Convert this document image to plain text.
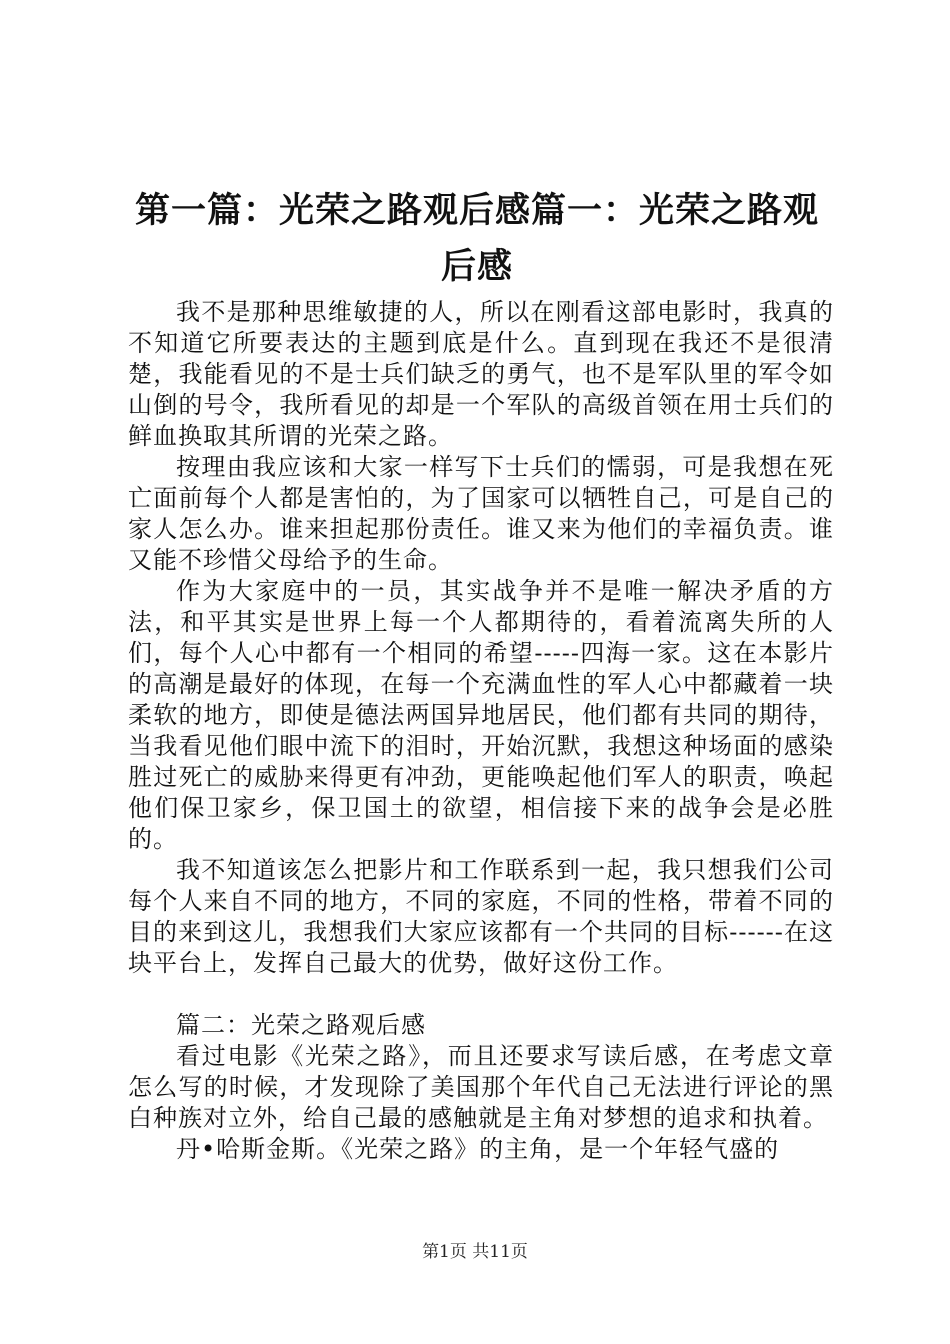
第一篇：光荣之路观后感篇一：光荣之路观后感

我不是那种思维敏捷的人，所以在刚看这部电影时，我真的不知道它所要表达的主题到底是什么。直到现在我还不是很清楚，我能看见的不是士兵们缺乏的勇气，也不是军队里的军令如山倒的号令，我所看见的却是一个军队的高级首领在用士兵们的鲜血换取其所谓的光荣之路。

按理由我应该和大家一样写下士兵们的懦弱，可是我想在死亡面前每个人都是害怕的，为了国家可以牺牲自己，可是自己的家人怎么办。谁来担起那份责任。谁又来为他们的幸福负责。谁又能不珍惜父母给予的生命。

作为大家庭中的一员，其实战争并不是唯一解决矛盾的方法，和平其实是世界上每一个人都期待的，看着流离失所的人们，每个人心中都有一个相同的希望-----四海一家。这在本影片的高潮是最好的体现，在每一个充满血性的军人心中都藏着一块柔软的地方，即使是德法两国异地居民，他们都有共同的期待，当我看见他们眼中流下的泪时，开始沉默，我想这种场面的感染胜过死亡的威胁来得更有冲劲，更能唤起他们军人的职责，唤起他们保卫家乡，保卫国土的欲望，相信接下来的战争会是必胜的。

我不知道该怎么把影片和工作联系到一起，我只想我们公司每个人来自不同的地方，不同的家庭，不同的性格，带着不同的目的来到这儿，我想我们大家应该都有一个共同的目标------在这块平台上，发挥自己最大的优势，做好这份工作。

篇二：光荣之路观后感

看过电影《光荣之路》，而且还要求写读后感，在考虑文章怎么写的时候，才发现除了美国那个年代自己无法进行评论的黑白种族对立外，给自己最的感触就是主角对梦想的追求和执着。

丹•哈斯金斯。《光荣之路》的主角，是一个年轻气盛的

第1页 共11页
